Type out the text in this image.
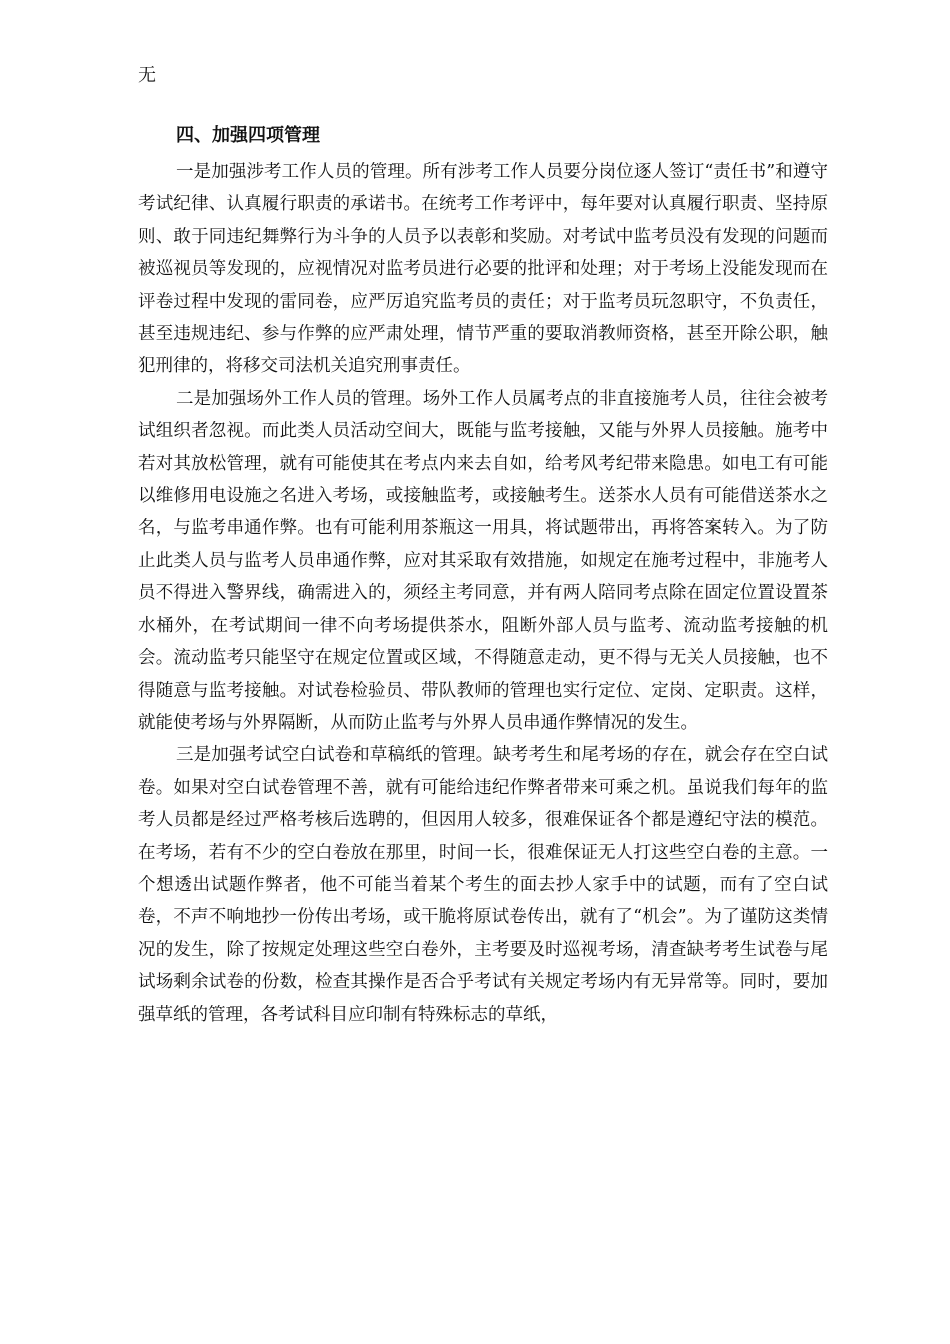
无
四、加强四项管理

一是加强涉考工作人员的管理。所有涉考工作人员要分岗位逐人签订“责任书”和遵守考试纪律、认真履行职责的承诺书。在统考工作考评中，每年要对认真履行职责、坚持原则、敢于同违纪舞弊行为斗争的人员予以表彰和奖励。对考试中监考员没有发现的问题而被巡视员等发现的，应视情况对监考员进行必要的批评和处理；对于考场上没能发现而在评卷过程中发现的雷同卷，应严厉追究监考员的责任；对于监考员玩忽职守，不负责任，甚至违规违纪、参与作弊的应严肃处理，情节严重的要取消教师资格，甚至开除公职，触犯刑律的，将移交司法机关追究刑事责任。

二是加强场外工作人员的管理。场外工作人员属考点的非直接施考人员，往往会被考试组织者忽视。而此类人员活动空间大，既能与监考接触，又能与外界人员接触。施考中若对其放松管理，就有可能使其在考点内来去自如，给考风考纪带来隐患。如电工有可能以维修用电设施之名进入考场，或接触监考，或接触考生。送茶水人员有可能借送茶水之名，与监考串通作弊。也有可能利用茶瓶这一用具，将试题带出，再将答案转入。为了防止此类人员与监考人员串通作弊，应对其采取有效措施，如规定在施考过程中，非施考人员不得进入警界线，确需进入的，须经主考同意，并有两人陪同考点除在固定位置设置茶水桶外，在考试期间一律不向考场提供茶水，阻断外部人员与监考、流动监考接触的机会。流动监考只能坚守在规定位置或区域，不得随意走动，更不得与无关人员接触，也不得随意与监考接触。对试卷检验员、带队教师的管理也实行定位、定岗、定职责。这样，就能使考场与外界隔断，从而防止监考与外界人员串通作弊情况的发生。

三是加强考试空白试卷和草稿纸的管理。缺考考生和尾考场的存在，就会存在空白试卷。如果对空白试卷管理不善，就有可能给违纪作弊者带来可乘之机。虽说我们每年的监考人员都是经过严格考核后选聘的，但因用人较多，很难保证各个都是遵纪守法的模范。在考场，若有不少的空白卷放在那里，时间一长，很难保证无人打这些空白卷的主意。一个想透出试题作弊者，他不可能当着某个考生的面去抄人家手中的试题，而有了空白试卷，不声不响地抄一份传出考场，或干脆将原试卷传出，就有了“机会”。为了谨防这类情况的发生，除了按规定处理这些空白卷外，主考要及时巡视考场，清查缺考考生试卷与尾试场剩余试卷的份数，检查其操作是否合乎考试有关规定考场内有无异常等。同时，要加强草纸的管理，各考试科目应印制有特殊标志的草纸，
